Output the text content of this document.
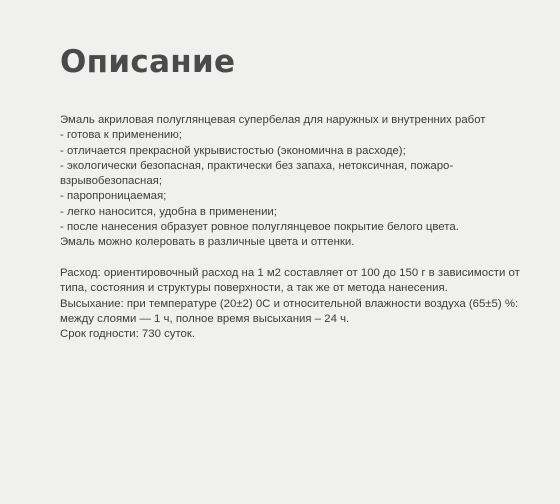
Описание
Эмаль акриловая полуглянцевая супербелая для наружных и внутренних работ
- готова к применению;
- отличается прекрасной укрывистостью (экономична в расходе);
- экологически безопасная, практически без запаха, нетоксичная, пожаро-
взрывобезопасная;
- паропроницаемая;
- легко наносится, удобна в применении;
- после нанесения образует ровное полуглянцевое покрытие белого цвета.
Эмаль можно колеровать в различные цвета и оттенки.
Расход: ориентировочный расход на 1 м2 составляет от 100 до 150 г в зависимости от
типа, состояния и структуры поверхности, а так же от метода нанесения.
Высыхание: при температуре (20±2) 0С и относительной влажности воздуха (65±5) %:
между слоями — 1 ч, полное время высыхания – 24 ч.
Срок годности: 730 суток.
